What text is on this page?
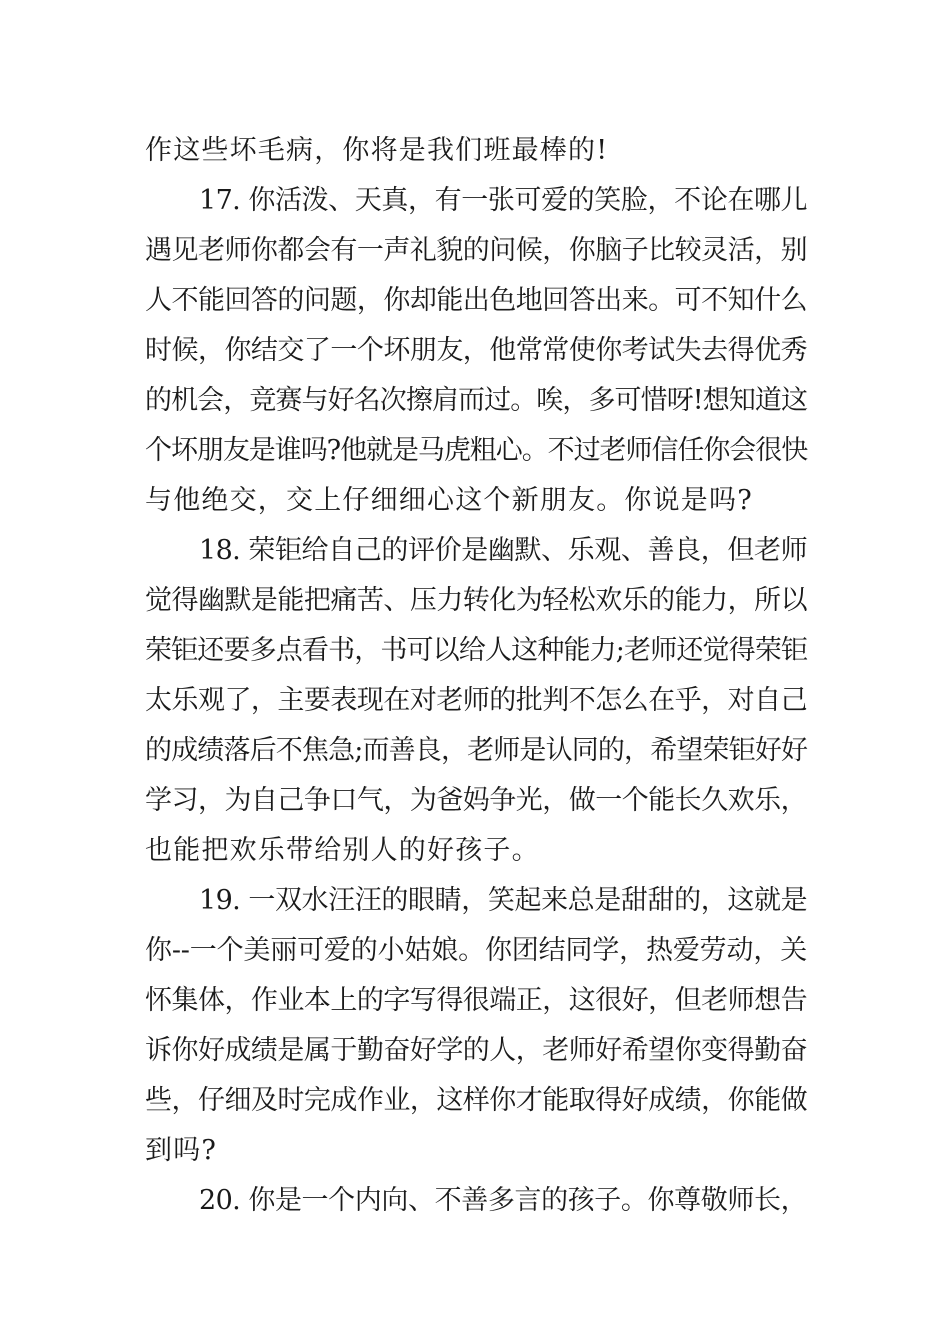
作这些坏毛病，你将是我们班最棒的!
17. 你活泼、天真，有一张可爱的笑脸，不论在哪儿
遇见老师你都会有一声礼貌的问候，你脑子比较灵活，别
人不能回答的问题，你却能出色地回答出来。可不知什么
时候，你结交了一个坏朋友，他常常使你考试失去得优秀
的机会，竞赛与好名次擦肩而过。唉，多可惜呀!想知道这
个坏朋友是谁吗?他就是马虎粗心。不过老师信任你会很快
与他绝交，交上仔细细心这个新朋友。你说是吗?
18. 荣钜给自己的评价是幽默、乐观、善良，但老师
觉得幽默是能把痛苦、压力转化为轻松欢乐的能力，所以
荣钜还要多点看书，书可以给人这种能力;老师还觉得荣钜
太乐观了，主要表现在对老师的批判不怎么在乎，对自己
的成绩落后不焦急;而善良，老师是认同的，希望荣钜好好
学习，为自己争口气，为爸妈争光，做一个能长久欢乐，
也能把欢乐带给别人的好孩子。
19. 一双水汪汪的眼睛，笑起来总是甜甜的，这就是
你--一个美丽可爱的小姑娘。你团结同学，热爱劳动，关
怀集体，作业本上的字写得很端正，这很好，但老师想告
诉你好成绩是属于勤奋好学的人，老师好希望你变得勤奋
些，仔细及时完成作业，这样你才能取得好成绩，你能做
到吗?
20. 你是一个内向、不善多言的孩子。你尊敬师长，
